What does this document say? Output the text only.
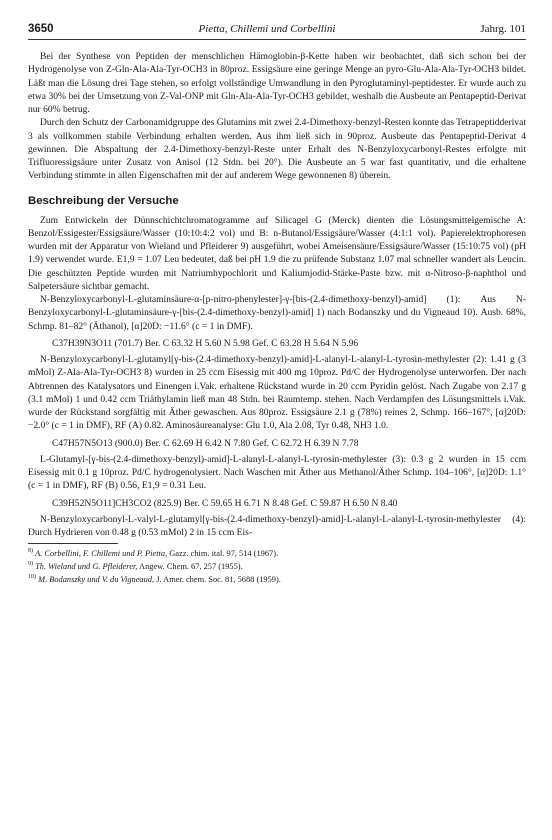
3650	Pietta, Chillemi und Corbellini	Jahrg. 101

Bei der Synthese von Peptiden der menschlichen Hämoglobin-β-Kette haben wir beobachtet, daß sich schon bei der Hydrogenolyse von Z-Gln-Ala-Ala-Tyr-OCH3 in 80proz. Essigsäure eine geringe Menge an pyro-Glu-Ala-Ala-Tyr-OCH3 bildet. Läßt man die Lösung drei Tage stehen, so erfolgt vollständige Umwandlung in den Pyroglutaminyl-peptidester. Er wurde auch zu etwa 30% bei der Umsetzung von Z-Val-ONP mit Gln-Ala-Ala-Tyr-OCH3 gebildet, weshalb die Ausbeute an Pentapeptid-Derivat nur 60% betrug.

Durch den Schutz der Carbonamidgruppe des Glutamins mit zwei 2.4-Dimethoxy-benzyl-Resten konnte das Tetrapeptidderivat 3 als vollkommen stabile Verbindung erhalten werden. Aus ihm ließ sich in 90proz. Ausbeute das Pentapeptid-Derivat 4 gewinnen. Die Abspaltung der 2.4-Dimethoxy-benzyl-Reste unter Erhalt des N-Benzyloxycarbonyl-Restes erfolgte mit Trifluoressigsäure unter Zusatz von Anisol (12 Stdn. bei 20°). Die Ausbeute an 5 war fast quantitativ, und die erhaltene Verbindung stimmte in allen Eigenschaften mit der auf anderem Wege gewonnenen 8) überein.

Beschreibung der Versuche

Zum Entwickeln der Dünnschichtchromatogramme auf Silicagel G (Merck) dienten die Lösungsmittelgemische A: Benzol/Essigester/Essigsäure/Wasser (10:10:4:2 vol) und B: n-Butanol/Essigsäure/Wasser (4:1:1 vol). Papierelektrophoresen wurden mit der Apparatur von Wieland und Pfleiderer 9) ausgeführt, wobei Ameisensäure/Essigsäure/Wasser (15:10:75 vol) (pH 1.9) verwendet wurde. E1,9 = 1.07 Leu bedeutet, daß bei pH 1.9 die zu prüfende Substanz 1.07 mal schneller wandert als Leucin. Die geschützten Peptide wurden mit Natriumhypochlorit und Kaliumjodid-Stärke-Paste bzw. mit α-Nitroso-β-naphthol und Salpetersäure sichtbar gemacht.

N-Benzyloxycarbonyl-L-glutaminsäure-α-[p-nitro-phenylester]-γ-[bis-(2.4-dimethoxy-benzyl)-amid] (1): Aus N-Benzyloxycarbonyl-L-glutaminsäure-γ-[bis-(2.4-dimethoxy-benzyl)-amid] 1) nach Bodanszky und du Vigneaud 10). Ausb. 68%, Schmp. 81–82° (Äthanol), [α]20D: −11.6° (c = 1 in DMF).

C37H39N3O11 (701.7) Ber. C 63.32 H 5.60 N 5.98 Gef. C 63.28 H 5.64 N 5.96

N-Benzyloxycarbonyl-L-glutamyl[γ-bis-(2.4-dimethoxy-benzyl)-amid]-L-alanyl-L-alanyl-L-tyrosin-methylester (2): 1.41 g (3 mMol) Z-Ala-Ala-Tyr-OCH3 8) wurden in 25 ccm Eisessig mit 400 mg 10proz. Pd/C der Hydrogenolyse unterworfen. Der nach Abtrennen des Katalysators und Einengen i.Vak. erhaltene Rückstand wurde in 20 ccm Pyridin gelöst. Nach Zugabe von 2.17 g (3.1 mMol) 1 und 0.42 ccm Triäthylamin ließ man 48 Stdn. bei Raumtemp. stehen. Nach Verdampfen des Lösungsmittels i.Vak. wurde der Rückstand sorgfältig mit Äther gewaschen. Aus 80proz. Essigsäure 2.1 g (78%) reines 2, Schmp. 166–167°, [α]20D: −2.0° (c = 1 in DMF), RF (A) 0.82. Aminosäureanalyse: Glu 1.0, Ala 2.08, Tyr 0.48, NH3 1.0.

C47H57N5O13 (900.0) Ber. C 62.69 H 6.42 N 7.80 Gef. C 62.72 H 6.39 N 7.78

L-Glutamyl-[γ-bis-(2.4-dimethoxy-benzyl)-amid]-L-alanyl-L-alanyl-L-tyrosin-methylester (3): 0.3 g 2 wurden in 15 ccm Eisessig mit 0.1 g 10proz. Pd/C hydrogenolysiert. Nach Waschen mit Äther aus Methanol/Äther Schmp. 104–106°, [α]20D: 1.1° (c = 1 in DMF), RF (B) 0.56, E1,9 = 0.31 Leu.

C39H52N5O11]CH3CO2 (825.9) Ber. C 59.65 H 6.71 N 8.48 Gef. C 59.87 H 6.50 N 8.40

N-Benzyloxycarbonyl-L-valyl-L-glutamyl[γ-bis-(2.4-dimethoxy-benzyl)-amid]-L-alanyl-L-alanyl-L-tyrosin-methylester (4): Durch Hydrieren von 0.48 g (0.53 mMol) 2 in 15 ccm Eis-

$^{8)}$ A. Corbellini, F. Chillemi und P. Pietta, Gazz. chim. ital. 97, 514 (1967).
$^{9)}$ Th. Wieland und G. Pfleiderer, Angew. Chem. 67, 257 (1955).
$^{10)}$ M. Bodanszky und V. du Vigneaud, J. Amer. chem. Soc. 81, 5688 (1959).
